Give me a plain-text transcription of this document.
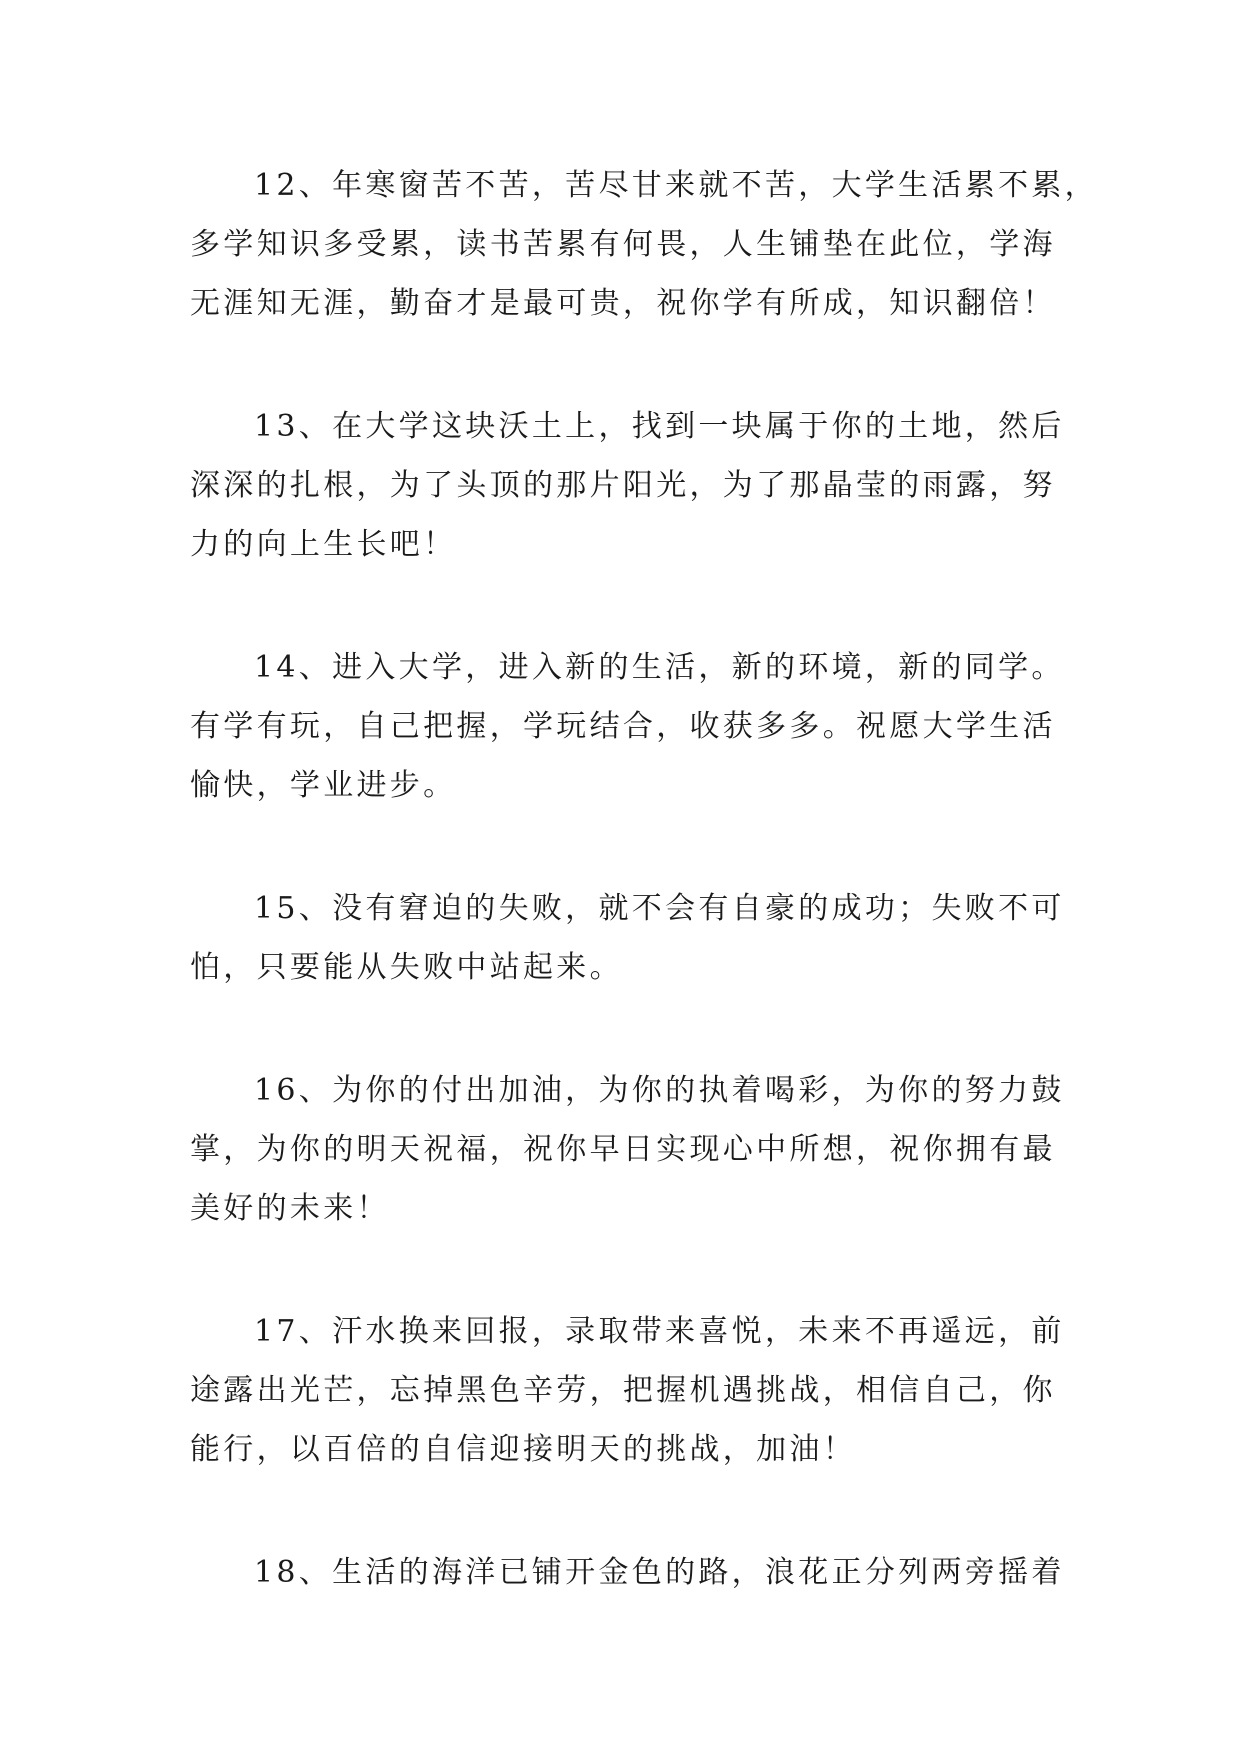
12、年寒窗苦不苦，苦尽甘来就不苦，大学生活累不累，
多学知识多受累，读书苦累有何畏，人生铺垫在此位，学海
无涯知无涯，勤奋才是最可贵，祝你学有所成，知识翻倍！

13、在大学这块沃土上，找到一块属于你的土地，然后
深深的扎根，为了头顶的那片阳光，为了那晶莹的雨露，努
力的向上生长吧！

14、进入大学，进入新的生活，新的环境，新的同学。
有学有玩，自己把握，学玩结合，收获多多。祝愿大学生活
愉快，学业进步。

15、没有窘迫的失败，就不会有自豪的成功；失败不可
怕，只要能从失败中站起来。

16、为你的付出加油，为你的执着喝彩，为你的努力鼓
掌，为你的明天祝福，祝你早日实现心中所想，祝你拥有最
美好的未来！

17、汗水换来回报，录取带来喜悦，未来不再遥远，前
途露出光芒，忘掉黑色辛劳，把握机遇挑战，相信自己，你
能行，以百倍的自信迎接明天的挑战，加油！

18、生活的海洋已铺开金色的路，浪花正分列两旁摇着
